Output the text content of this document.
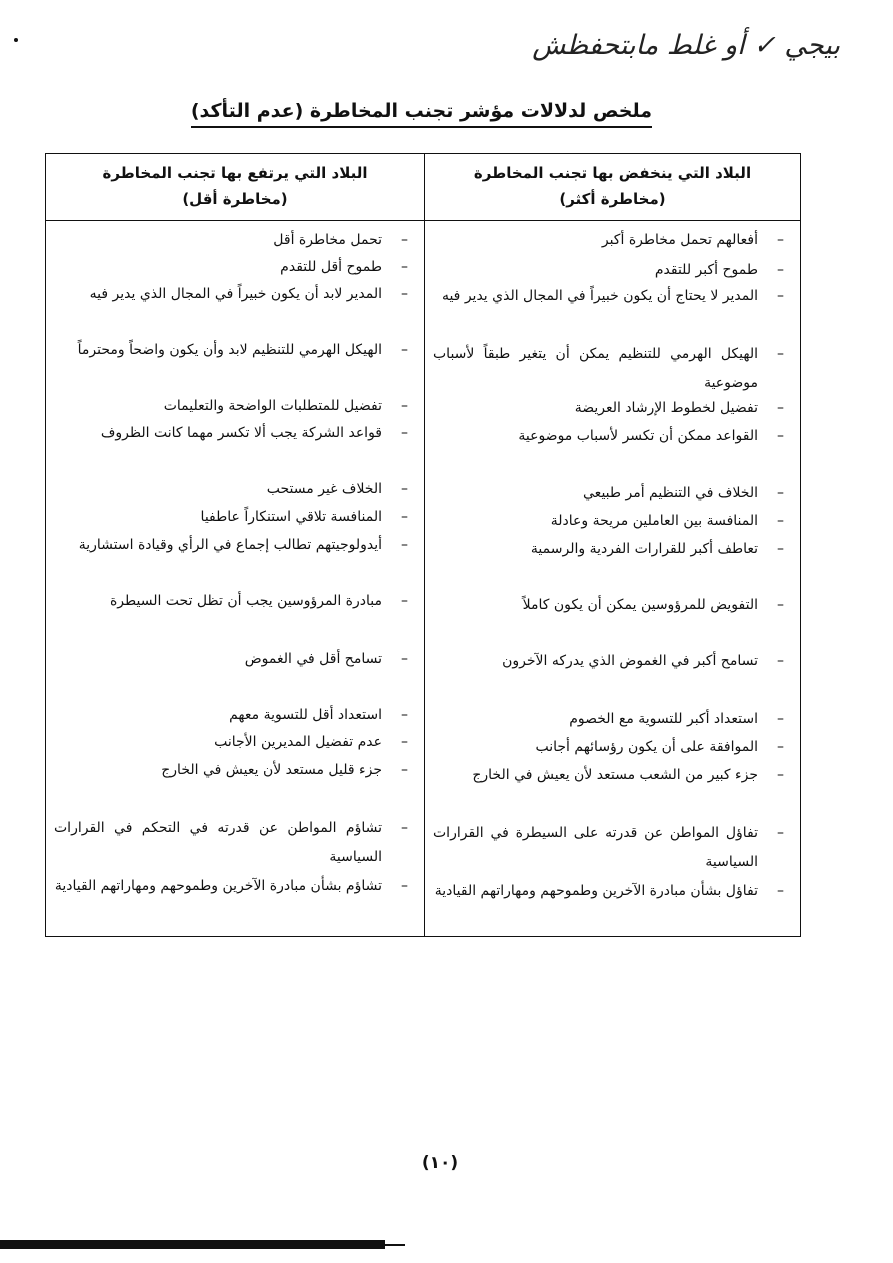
بيجي ✓ أو غلط مابتحفظش
ملخص لدلالات مؤشر تجنب المخاطرة (عدم التأكد)
البلاد التي ينخفض بها تجنب المخاطرة
(مخاطرة أكثر)
–
أفعالهم تحمل مخاطرة أكبر
–
طموح أكبر للتقدم
–
المدير لا يحتاج أن يكون خبيراً في المجال الذي يدير فيه
–
الهيكل الهرمي للتنظيم يمكن أن يتغير طبقاً لأسباب موضوعية
–
تفضيل لخطوط الإرشاد العريضة
–
القواعد ممكن أن تكسر لأسباب موضوعية
–
الخلاف في التنظيم أمر طبيعي
–
المنافسة بين العاملين مريحة وعادلة
–
تعاطف أكبر للقرارات الفردية والرسمية
–
التفويض للمرؤوسين يمكن أن يكون كاملاً
–
تسامح أكبر في الغموض الذي يدركه الآخرون
–
استعداد أكبر للتسوية مع الخصوم
–
الموافقة على أن يكون رؤسائهم أجانب
–
جزء كبير من الشعب مستعد لأن يعيش في الخارج
–
تفاؤل المواطن عن قدرته على السيطرة في القرارات السياسية
–
تفاؤل بشأن مبادرة الآخرين وطموحهم ومهاراتهم القيادية
البلاد التي يرتفع بها تجنب المخاطرة
(مخاطرة أقل)
–
تحمل مخاطرة أقل
–
طموح أقل للتقدم
–
المدير لابد أن يكون خبيراً في المجال الذي يدير فيه
–
الهيكل الهرمي للتنظيم لابد وأن يكون واضحاً ومحترماً
–
تفضيل للمتطلبات الواضحة والتعليمات
–
قواعد الشركة يجب ألا تكسر مهما كانت الظروف
–
الخلاف غير مستحب
–
المنافسة تلاقي استنكاراً عاطفيا
–
أيدولوجيتهم تطالب إجماع في الرأي وقيادة استشارية
–
مبادرة المرؤوسين يجب أن تظل تحت السيطرة
–
تسامح أقل في الغموض
–
استعداد أقل للتسوية معهم
–
عدم تفضيل المديرين الأجانب
–
جزء قليل مستعد لأن يعيش في الخارج
–
تشاؤم المواطن عن قدرته في التحكم في القرارات السياسية
–
تشاؤم بشأن مبادرة الآخرين وطموحهم ومهاراتهم القيادية
(١٠)
